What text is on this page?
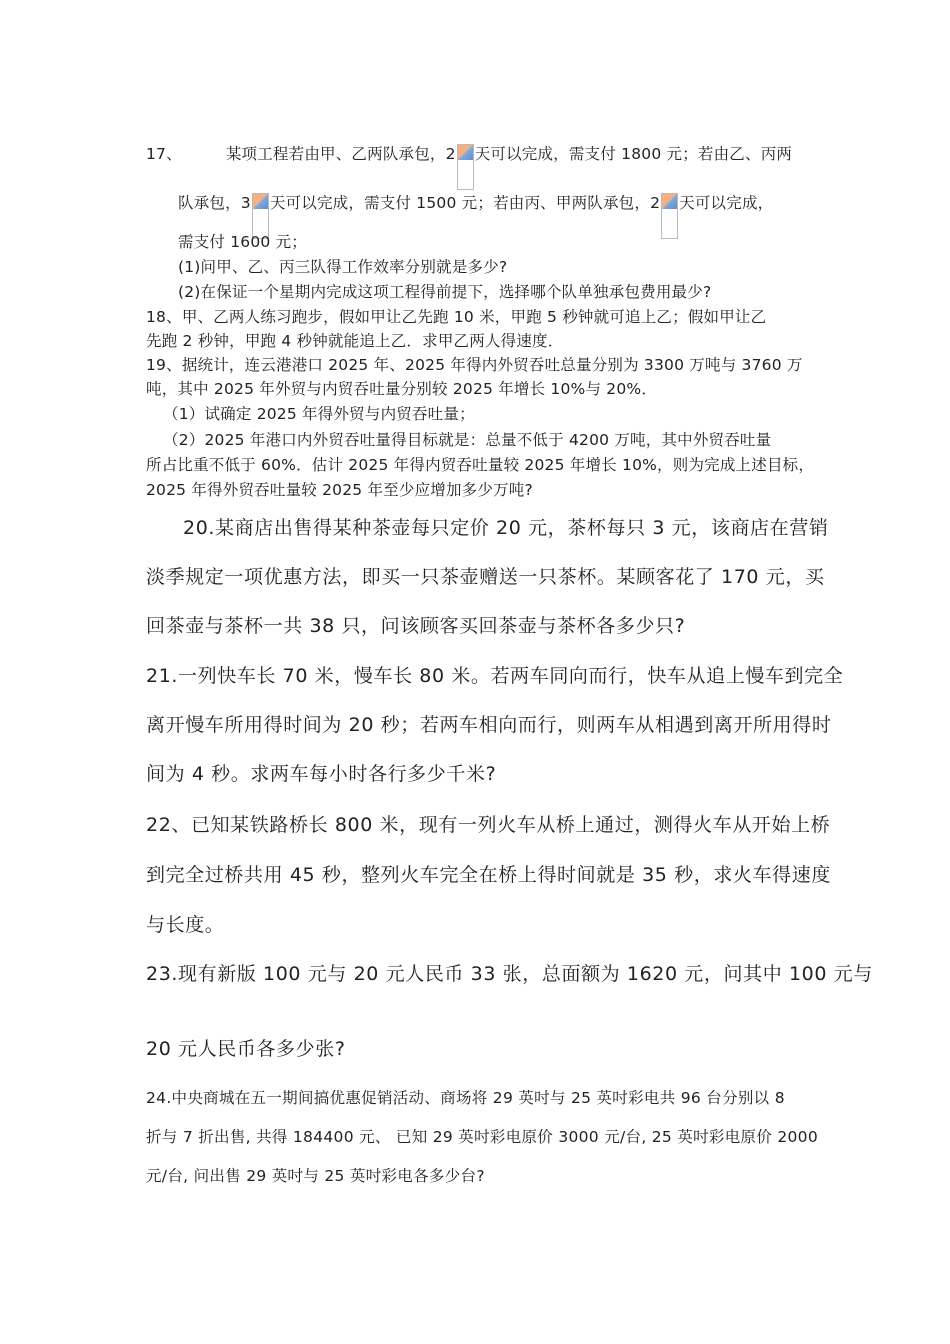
17、	某项工程若由甲、乙两队承包，2 天可以完成，需支付 1800 元；若由乙、丙两
队承包，3 天可以完成，需支付 1500 元；若由丙、甲两队承包，2 天可以完成，
需支付 1600 元；
(1)问甲、乙、丙三队得工作效率分别就是多少?
(2)在保证一个星期内完成这项工程得前提下，选择哪个队单独承包费用最少?
18、甲、乙两人练习跑步，假如甲让乙先跑 10 米，甲跑 5 秒钟就可追上乙；假如甲让乙
先跑 2 秒钟，甲跑 4 秒钟就能追上乙．求甲乙两人得速度．
19、据统计，连云港港口 2025 年、2025 年得内外贸吞吐总量分别为 3300 万吨与 3760 万
吨，其中 2025 年外贸与内贸吞吐量分别较 2025 年增长 10%与 20%．
（1）试确定 2025 年得外贸与内贸吞吐量；
（2）2025 年港口内外贸吞吐量得目标就是：总量不低于 4200 万吨，其中外贸吞吐量
所占比重不低于 60%．估计 2025 年得内贸吞吐量较 2025 年增长 10%，则为完成上述目标，
2025 年得外贸吞吐量较 2025 年至少应增加多少万吨?
20.某商店出售得某种茶壶每只定价 20 元，茶杯每只 3 元，该商店在营销
淡季规定一项优惠方法，即买一只茶壶赠送一只茶杯。某顾客花了 170 元，买
回茶壶与茶杯一共 38 只，问该顾客买回茶壶与茶杯各多少只?
21.一列快车长 70 米，慢车长 80 米。若两车同向而行，快车从追上慢车到完全
离开慢车所用得时间为 20 秒；若两车相向而行，则两车从相遇到离开所用得时
间为 4 秒。求两车每小时各行多少千米?
22、已知某铁路桥长 800 米，现有一列火车从桥上通过，测得火车从开始上桥
到完全过桥共用 45 秒，整列火车完全在桥上得时间就是 35 秒，求火车得速度
与长度。
23.现有新版 100 元与 20 元人民币 33 张，总面额为 1620 元，问其中 100 元与
20 元人民币各多少张?
24.中央商城在五一期间搞优惠促销活动、商场将 29 英吋与 25 英吋彩电共 96 台分别以 8
折与 7 折出售, 共得 184400 元、 已知 29 英吋彩电原价 3000 元/台, 25 英吋彩电原价 2000
元/台, 问出售 29 英吋与 25 英吋彩电各多少台?
